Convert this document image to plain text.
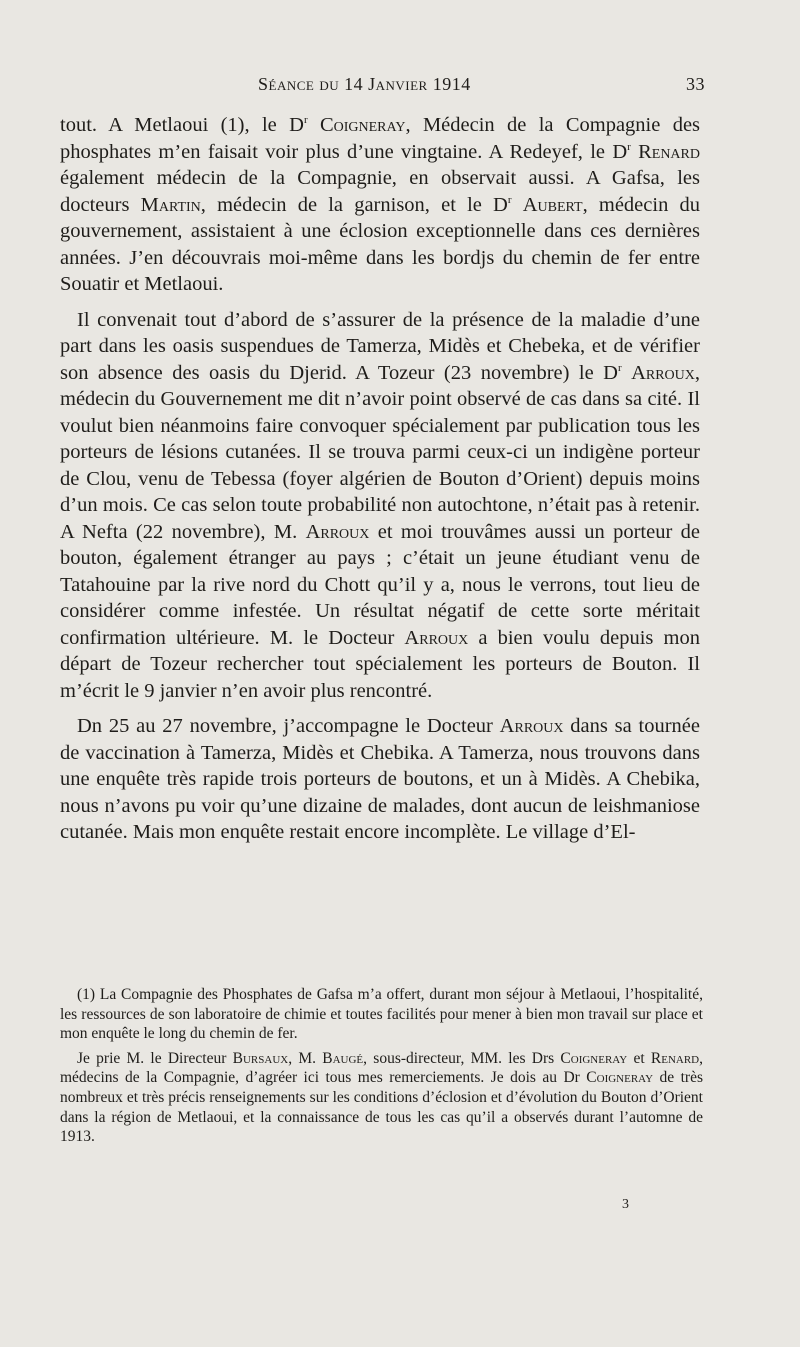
Séance du 14 Janvier 1914	33

tout. A Metlaoui (1), le $D^r$ Coigneray, Médecin de la Compagnie des phosphates m’en faisait voir plus d’une vingtaine. A Redeyef, le $D^r$ Renard également médecin de la Compagnie, en observait aussi. A Gafsa, les docteurs Martin, médecin de la garnison, et le $D^r$ Aubert, médecin du gouvernement, assistaient à une éclosion exceptionnelle dans ces dernières années. J’en découvrais moi-même dans les bordjs du chemin de fer entre Souatir et Metlaoui.

Il convenait tout d’abord de s’assurer de la présence de la maladie d’une part dans les oasis suspendues de Tamerza, Midès et Chebeka, et de vérifier son absence des oasis du Djerid. A Tozeur (23 novembre) le $D^r$ Arroux, médecin du Gouvernement me dit n’avoir point observé de cas dans sa cité. Il voulut bien néanmoins faire convoquer spécialement par publication tous les porteurs de lésions cutanées. Il se trouva parmi ceux-ci un indigène porteur de Clou, venu de Tebessa (foyer algérien de Bouton d’Orient) depuis moins d’un mois. Ce cas selon toute probabilité non autochtone, n’était pas à retenir. A Nefta (22 novembre), M. Arroux et moi trouvâmes aussi un porteur de bouton, également étranger au pays ; c’était un jeune étudiant venu de Tatahouine par la rive nord du Chott qu’il y a, nous le verrons, tout lieu de considérer comme infestée. Un résultat négatif de cette sorte méritait confirmation ultérieure. M. le Docteur Arroux a bien voulu depuis mon départ de Tozeur rechercher tout spécialement les porteurs de Bouton. Il m’écrit le 9 janvier n’en avoir plus rencontré.

Dn 25 au 27 novembre, j’accompagne le Docteur Arroux dans sa tournée de vaccination à Tamerza, Midès et Chebika. A Tamerza, nous trouvons dans une enquête très rapide trois porteurs de boutons, et un à Midès. A Chebika, nous n’avons pu voir qu’une dizaine de malades, dont aucun de leishmaniose cutanée. Mais mon enquête restait encore incomplète. Le village d’El-

(1) La Compagnie des Phosphates de Gafsa m’a offert, durant mon séjour à Metlaoui, l’hospitalité, les ressources de son laboratoire de chimie et toutes facilités pour mener à bien mon travail sur place et mon enquête le long du chemin de fer.

Je prie M. le Directeur Bursaux, M. Baugé, sous-directeur, MM. les Drs Coigneray et Renard, médecins de la Compagnie, d’agréer ici tous mes remerciements. Je dois au Dr Coigneray de très nombreux et très précis renseignements sur les conditions d’éclosion et d’évolution du Bouton d’Orient dans la région de Metlaoui, et la connaissance de tous les cas qu’il a observés durant l’automne de 1913.

3
